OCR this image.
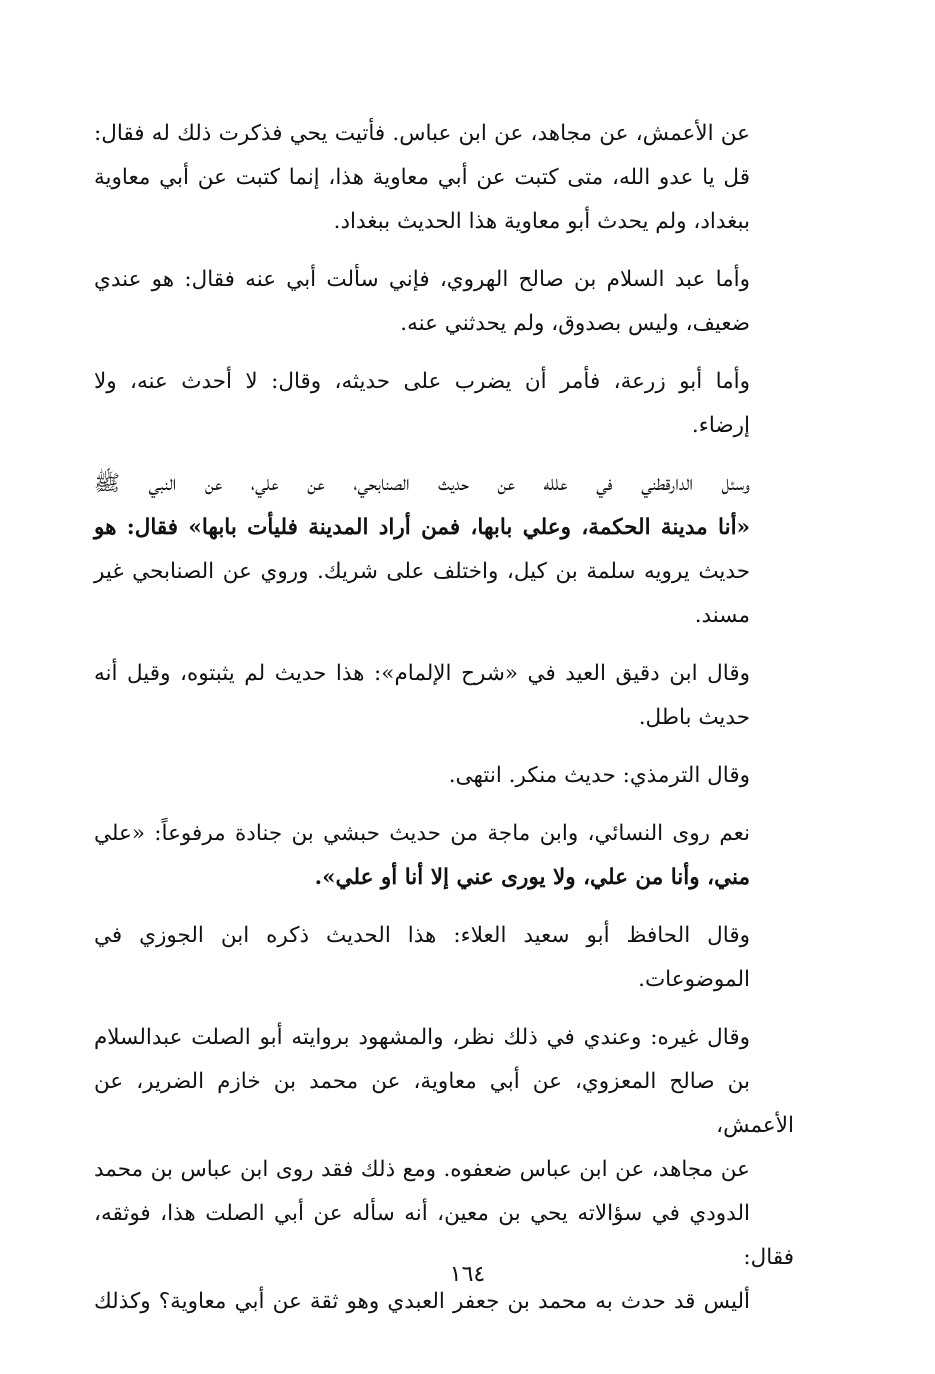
عن الأعمش، عن مجاهد، عن ابن عباس. فأتيت يحي فذكرت ذلك له فقال:
قل يا عدو الله، متى كتبت عن أبي معاوية هذا، إنما كتبت عن أبي معاوية
ببغداد، ولم يحدث أبو معاوية هذا الحديث ببغداد.

وأما عبد السلام بن صالح الهروي، فإني سألت أبي عنه فقال: هو عندي
ضعيف، وليس بصدوق، ولم يحدثني عنه.

وأما أبو زرعة، فأمر أن يضرب على حديثه، وقال: لا أحدث عنه، ولا
إرضاء.

وسئل الدارقطني في علله عن حديث الصنابحي، عن علي، عن النبي ﷺ
«أنا مدينة الحكمة، وعلي بابها، فمن أراد المدينة فليأت بابها» فقال: هو
حديث يرويه سلمة بن كيل، واختلف على شريك. وروي عن الصنابحي غير
مسند.

وقال ابن دقيق العيد في «شرح الإلمام»: هذا حديث لم يثبتوه، وقيل أنه
حديث باطل.

وقال الترمذي: حديث منكر. انتهى.

نعم روى النسائي، وابن ماجة من حديث حبشي بن جنادة مرفوعاً: «علي
مني، وأنا من علي، ولا يورى عني إلا أنا أو علي».

وقال الحافظ أبو سعيد العلاء: هذا الحديث ذكره ابن الجوزي في
الموضوعات.

وقال غيره: وعندي في ذلك نظر، والمشهود بروايته أبو الصلت عبدالسلام
بن صالح المعزوي، عن أبي معاوية، عن محمد بن خازم الضرير، عن الأعمش،
عن مجاهد، عن ابن عباس ضعفوه. ومع ذلك فقد روى ابن عباس بن محمد
الدودي في سؤالاته يحي بن معين، أنه سأله عن أبي الصلت هذا، فوثقه، فقال:
أليس قد حدث به محمد بن جعفر العبدي وهو ثقة عن أبي معاوية؟ وكذلك

١٦٤
